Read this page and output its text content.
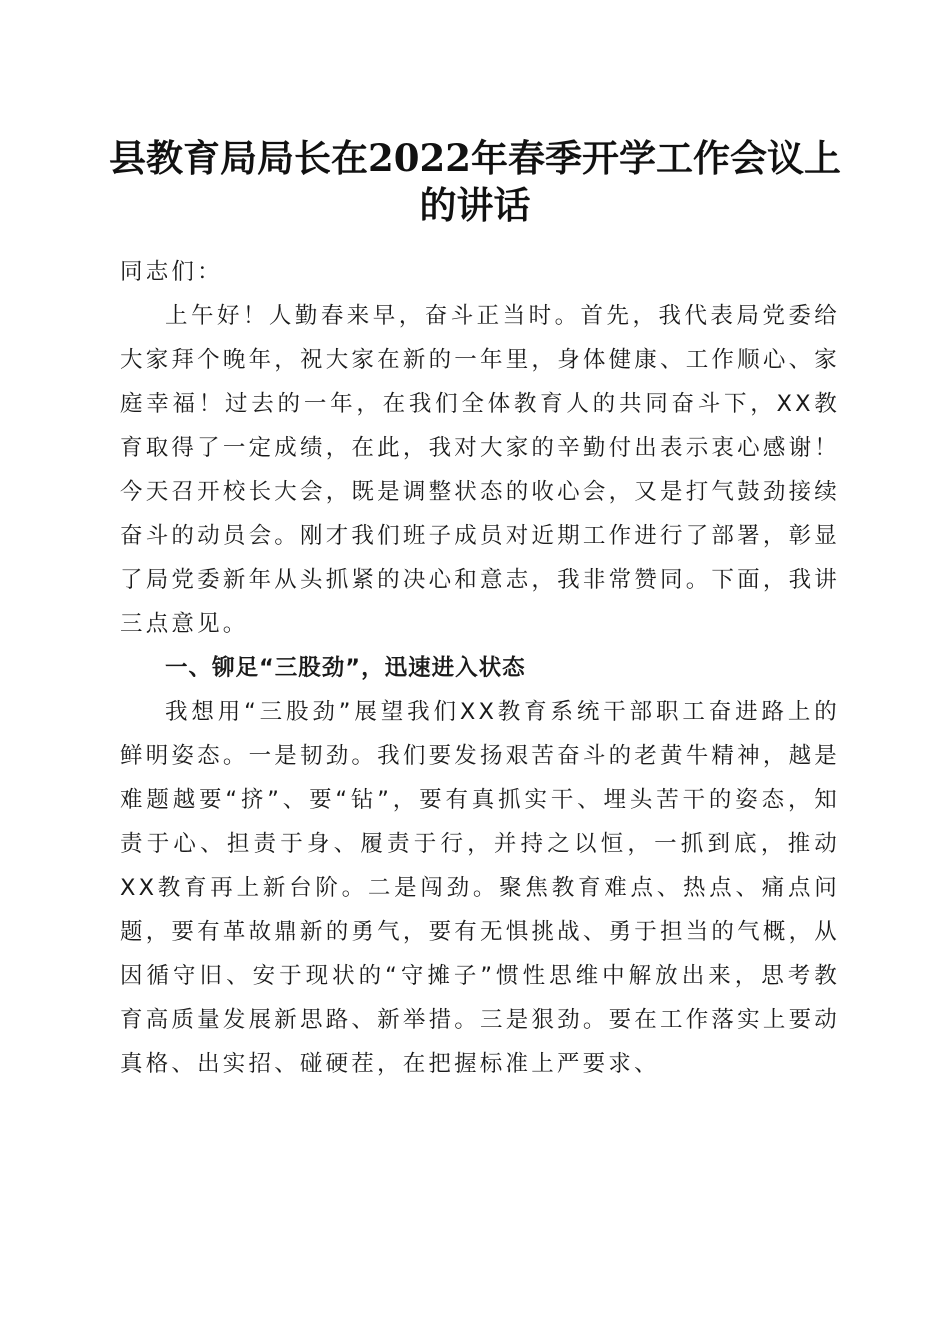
县教育局局长在2022年春季开学工作会议上
的讲话

同志们：

上午好！人勤春来早，奋斗正当时。首先，我代表局党委给大家拜个晚年，祝大家在新的一年里，身体健康、工作顺心、家庭幸福！过去的一年，在我们全体教育人的共同奋斗下，XX教育取得了一定成绩，在此，我对大家的辛勤付出表示衷心感谢！今天召开校长大会，既是调整状态的收心会，又是打气鼓劲接续奋斗的动员会。刚才我们班子成员对近期工作进行了部署，彰显了局党委新年从头抓紧的决心和意志，我非常赞同。下面，我讲三点意见。

一、铆足“三股劲”，迅速进入状态

我想用“三股劲”展望我们XX教育系统干部职工奋进路上的鲜明姿态。一是韧劲。我们要发扬艰苦奋斗的老黄牛精神，越是难题越要“挤”、要“钻”，要有真抓实干、埋头苦干的姿态，知责于心、担责于身、履责于行，并持之以恒，一抓到底，推动XX教育再上新台阶。二是闯劲。聚焦教育难点、热点、痛点问题，要有革故鼎新的勇气，要有无惧挑战、勇于担当的气概，从因循守旧、安于现状的“守摊子”惯性思维中解放出来，思考教育高质量发展新思路、新举措。三是狠劲。要在工作落实上要动真格、出实招、碰硬茬，在把握标准上严要求、
